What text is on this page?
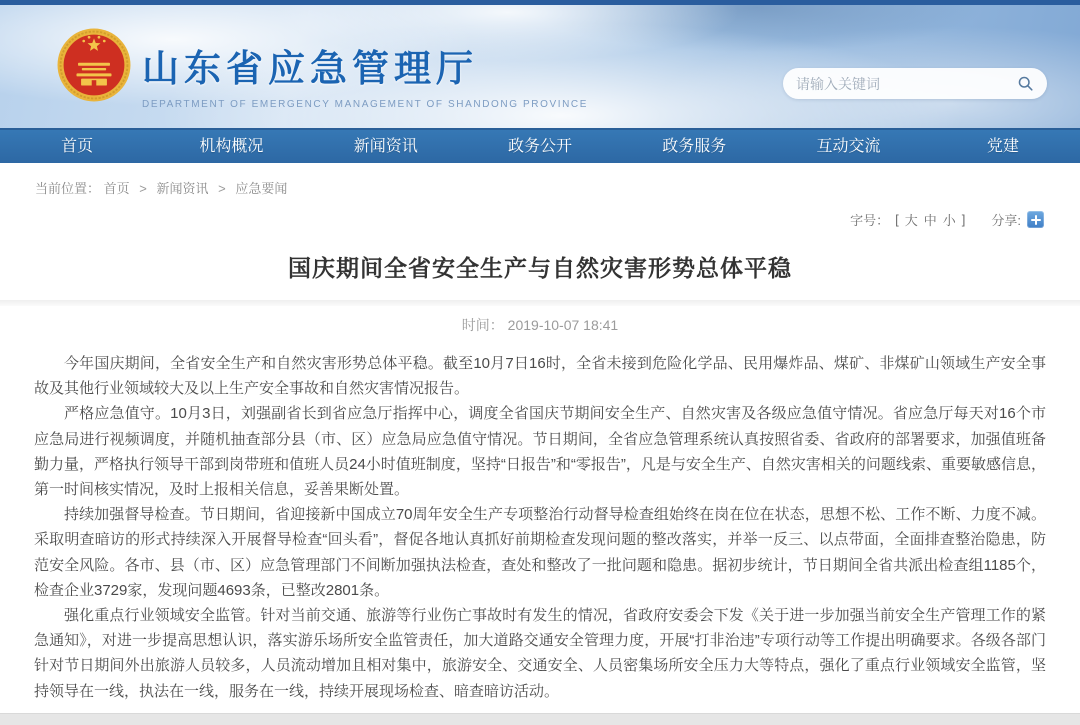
山东省应急管理厅
DEPARTMENT OF EMERGENCY MANAGEMENT OF SHANDONG PROVINCE
请输入关键词
首页	机构概况	新闻资讯	政务公开	政务服务	互动交流	党建
当前位置： 首页 > 新闻资讯 > 应急要闻
字号： [ 大 中 小 ] 分享:
国庆期间全省安全生产与自然灾害形势总体平稳
时间： 2019-10-07 18:41

今年国庆期间，全省安全生产和自然灾害形势总体平稳。截至10月7日16时，全省未接到危险化学品、民用爆炸品、煤矿、非煤矿山领域生产安全事故及其他行业领域较大及以上生产安全事故和自然灾害情况报告。

严格应急值守。10月3日，刘强副省长到省应急厅指挥中心，调度全省国庆节期间安全生产、自然灾害及各级应急值守情况。省应急厅每天对16个市应急局进行视频调度，并随机抽查部分县（市、区）应急局应急值守情况。节日期间，全省应急管理系统认真按照省委、省政府的部署要求，加强值班备勤力量，严格执行领导干部到岗带班和值班人员24小时值班制度，坚持“日报告”和“零报告”，凡是与安全生产、自然灾害相关的问题线索、重要敏感信息，第一时间核实情况，及时上报相关信息，妥善果断处置。

持续加强督导检查。节日期间，省迎接新中国成立70周年安全生产专项整治行动督导检查组始终在岗在位在状态，思想不松、工作不断、力度不减。采取明查暗访的形式持续深入开展督导检查“回头看”，督促各地认真抓好前期检查发现问题的整改落实，并举一反三、以点带面，全面排查整治隐患，防范安全风险。各市、县（市、区）应急管理部门不间断加强执法检查，查处和整改了一批问题和隐患。据初步统计，节日期间全省共派出检查组1185个，检查企业3729家，发现问题4693条，已整改2801条。

强化重点行业领域安全监管。针对当前交通、旅游等行业伤亡事故时有发生的情况，省政府安委会下发《关于进一步加强当前安全生产管理工作的紧急通知》，对进一步提高思想认识，落实游乐场所安全监管责任，加大道路交通安全管理力度，开展“打非治违”专项行动等工作提出明确要求。各级各部门针对节日期间外出旅游人员较多，人员流动增加且相对集中，旅游安全、交通安全、人员密集场所安全压力大等特点，强化了重点行业领域安全监管，坚持领导在一线，执法在一线，服务在一线，持续开展现场检查、暗查暗访活动。
